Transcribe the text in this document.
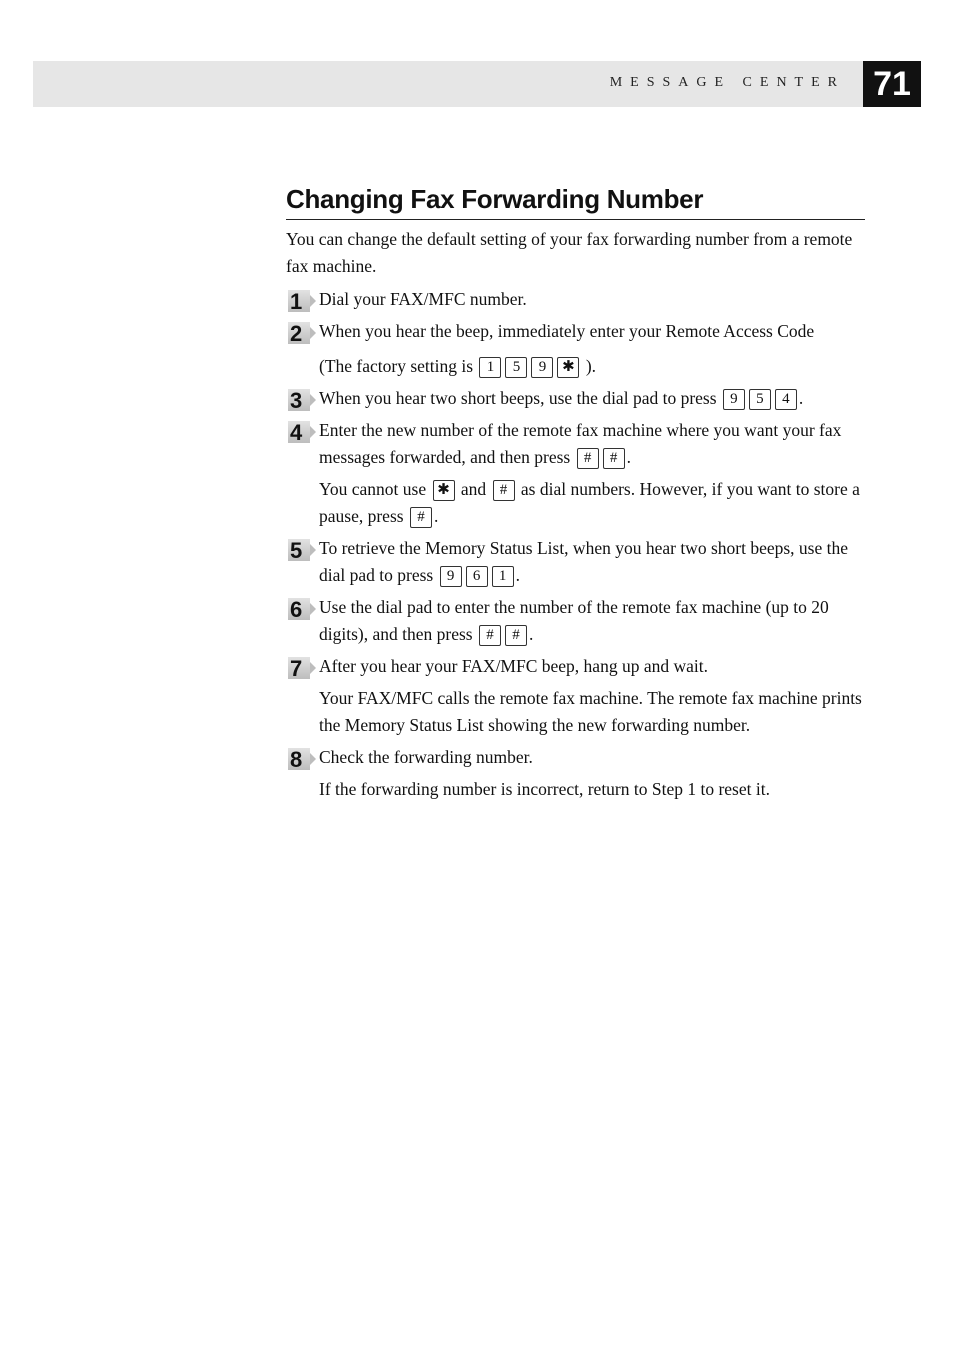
MESSAGE CENTER 71
Changing Fax Forwarding Number

You can change the default setting of your fax forwarding number from a remote fax machine.

1 Dial your FAX/MFC number.
2 When you hear the beep, immediately enter your Remote Access Code
(The factory setting is 1 5 9 ✱ ).
3 When you hear two short beeps, use the dial pad to press 9 5 4 .
4 Enter the new number of the remote fax machine where you want your fax messages forwarded, and then press # # .
You cannot use ✱ and # as dial numbers. However, if you want to store a pause, press # .
5 To retrieve the Memory Status List, when you hear two short beeps, use the dial pad to press 9 6 1 .
6 Use the dial pad to enter the number of the remote fax machine (up to 20 digits), and then press # # .
7 After you hear your FAX/MFC beep, hang up and wait.
Your FAX/MFC calls the remote fax machine. The remote fax machine prints the Memory Status List showing the new forwarding number.
8 Check the forwarding number.
If the forwarding number is incorrect, return to Step 1 to reset it.
